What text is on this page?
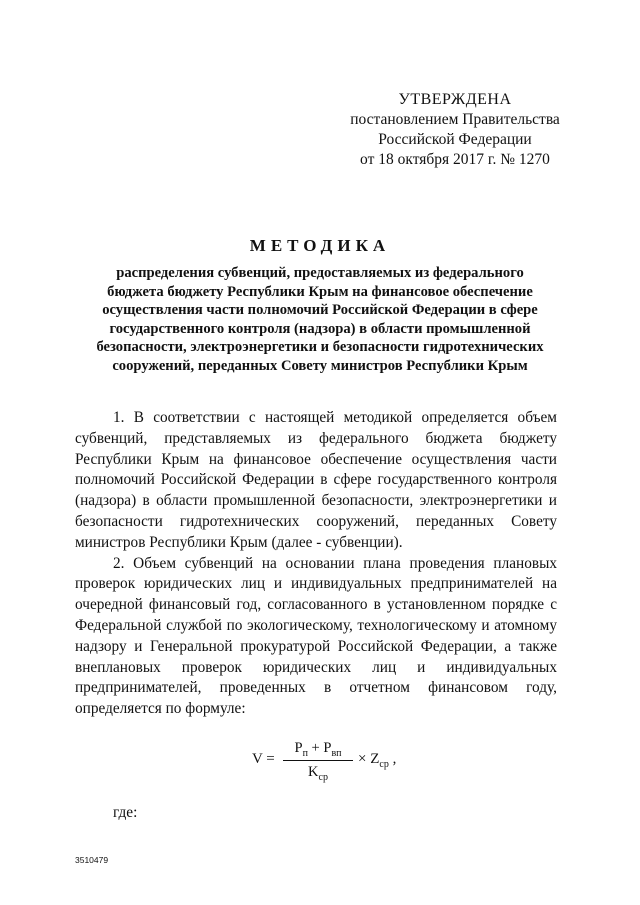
УТВЕРЖДЕНА
постановлением Правительства
Российской Федерации
от 18 октября 2017 г. № 1270
МЕТОДИКА
распределения субвенций, предоставляемых из федерального бюджета бюджету Республики Крым на финансовое обеспечение осуществления части полномочий Российской Федерации в сфере государственного контроля (надзора) в области промышленной безопасности, электроэнергетики и безопасности гидротехнических сооружений, переданных Совету министров Республики Крым

1. В соответствии с настоящей методикой определяется объем субвенций, представляемых из федерального бюджета бюджету Республики Крым на финансовое обеспечение осуществления части полномочий Российской Федерации в сфере государственного контроля (надзора) в области промышленной безопасности, электроэнергетики и безопасности гидротехнических сооружений, переданных Совету министров Республики Крым (далее - субвенции).

2. Объем субвенций на основании плана проведения плановых проверок юридических лиц и индивидуальных предпринимателей на очередной финансовый год, согласованного в установленном порядке с Федеральной службой по экологическому, технологическому и атомному надзору и Генеральной прокуратурой Российской Федерации, а также внеплановых проверок юридических лиц и индивидуальных предпринимателей, проведенных в отчетном финансовом году, определяется по формуле:

V =
$P_п + P_{вп}$
$K_{ср}$
× $Z_{ср}$ ,
где:
3510479
